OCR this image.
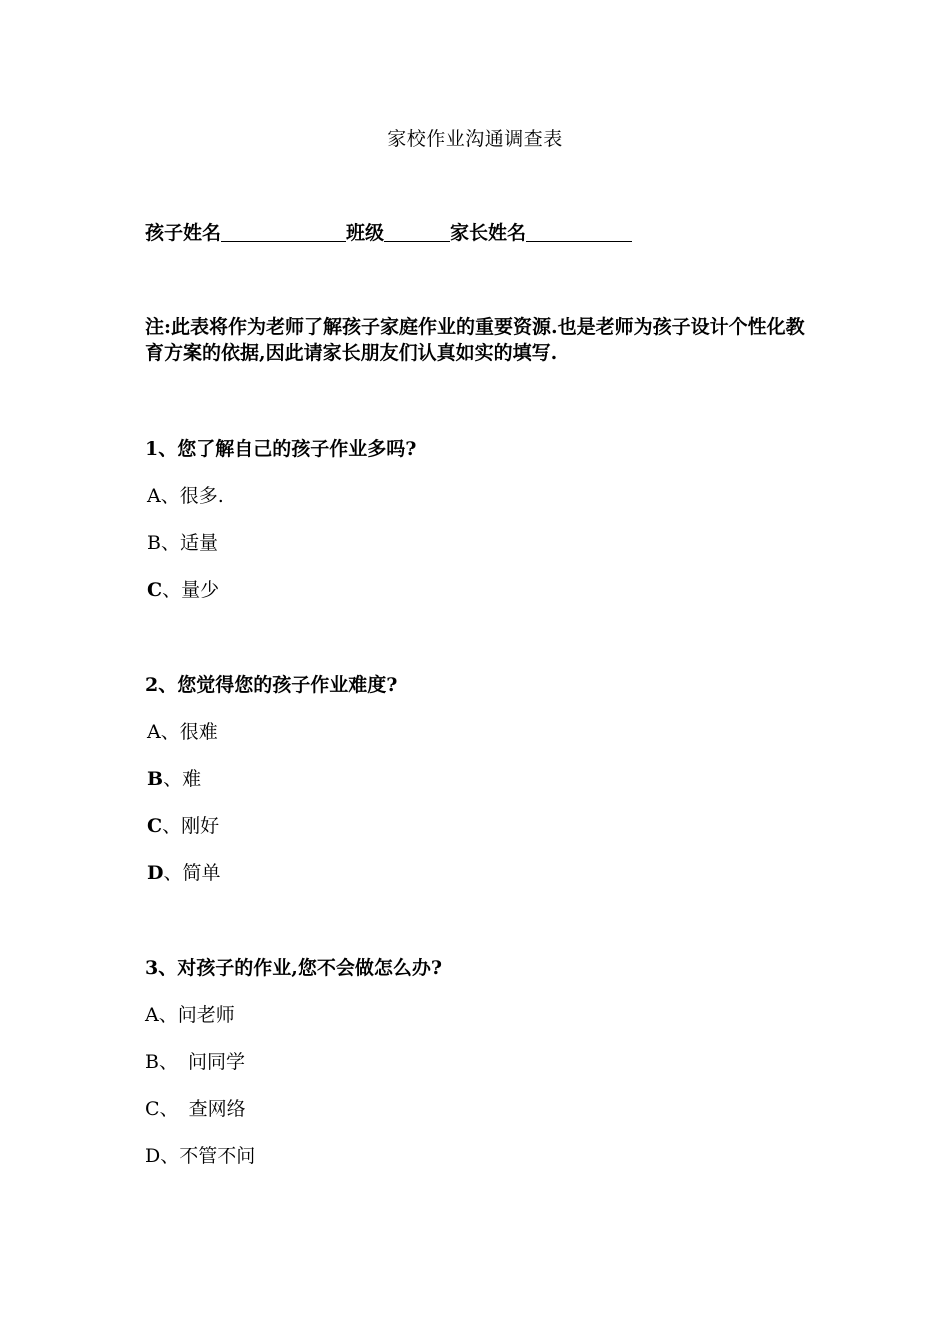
家校作业沟通调查表
孩子姓名	班级	家长姓名
注:此表将作为老师了解孩子家庭作业的重要资源.也是老师为孩子设计个性化教育方案的依据,因此请家长朋友们认真如实的填写.
1、您了解自己的孩子作业多吗?
A、很多.
B、适量
C、量少
2、您觉得您的孩子作业难度?
A、很难
B、难
C、刚好
D、简单
3、对孩子的作业,您不会做怎么办?
A、问老师
B、 问同学
C、 查网络
D、不管不问
